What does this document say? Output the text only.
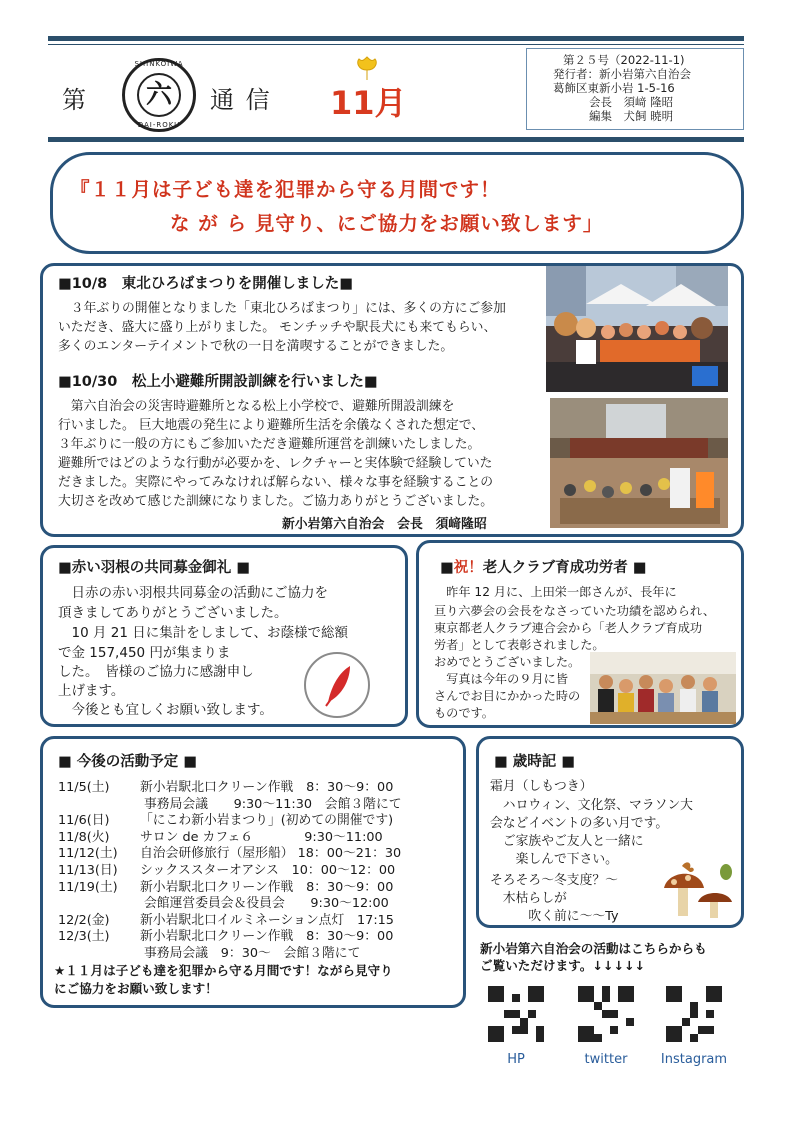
第
SHINKOIWA
六
DAI-ROKU
通 信 11月
第２５号（2022-11-1)
発行者：新小岩第六自治会
葛飾区東新小岩 1-5-16
会長　須﨑 隆昭
編集　犬飼 暁明
『１１月は子ども達を犯罪から守る月間です！
な が ら 見守り、にご協力をお願い致します」
■10/8　東北ひろばまつりを開催しました■
　３年ぶりの開催となりました「東北ひろばまつり」には、多くの方にご参加
いただき、盛大に盛り上がりました。 モンチッチや駅長犬にも来てもらい、
多くのエンターテイメントで秋の一日を満喫することができました。
■10/30　松上小避難所開設訓練を行いました■
　第六自治会の災害時避難所となる松上小学校で、避難所開設訓練を
行いました。 巨大地震の発生により避難所生活を余儀なくされた想定で、
３年ぶりに一般の方にもご参加いただき避難所運営を訓練いたしました。
避難所ではどのような行動が必要かを、レクチャーと実体験で経験していた
だきました。実際にやってみなければ解らない、様々な事を経験することの
大切さを改めて感じた訓練になりました。ご協力ありがとうございました。
新小岩第六自治会　会長　須﨑隆昭
■赤い羽根の共同募金御礼 ■
　日赤の赤い羽根共同募金の活動にご協力を
頂きましてありがとうございました。
　10 月 21 日に集計をしまして、お蔭様で総額
で金 157,450 円が集まりま
した。　皆様のご協力に感謝申し
上げます。
　今後とも宜しくお願い致します。
■祝！老人クラブ育成功労者 ■
　昨年 12 月に、上田栄一郎さんが、長年に
亘り六夢会の会長をなさっていた功績を認められ、
東京都老人クラブ連合会から「老人クラブ育成功
労者」として表彰されました。
おめでとうございました。
　写真は今年の９月に皆
さんでお目にかかった時の
ものです。
■ 今後の活動予定 ■
11/5(土) 新小岩駅北口クリーン作戦　8：30～9：00
事務局会議　　9:30～11:30　会館３階にて
11/6(日) 「にこわ新小岩まつり」(初めての開催です)
11/8(火) サロン de カフェ６　　　　9:30～11:00
11/12(土) 自治会研修旅行（屋形船） 18：00～21：30
11/13(日) シックススターオアシス　10：00～12：00
11/19(土) 新小岩駅北口クリーン作戦　8：30～9：00
会館運営委員会＆役員会　　9:30～12:00
12/2(金) 新小岩駅北口イルミネーション点灯　17:15
12/3(土) 新小岩駅北口クリーン作戦　8：30～9：00
事務局会議　9：30～　会館３階にて
★１１月は子ども達を犯罪から守る月間です！ながら見守り
にご協力をお願い致します！
■ 歳時記 ■
霜月（しもつき）
　ハロウィン、文化祭、マラソン大
会などイベントの多い月です。
　ご家族やご友人と一緒に
　　楽しんで下さい。
そろそろ～冬支度？～
　木枯らしが
　　　吹く前に～～Ty
新小岩第六自治会の活動はこちらからも
ご覧いただけます。↓↓↓↓↓
HP	twitter	Instagram
